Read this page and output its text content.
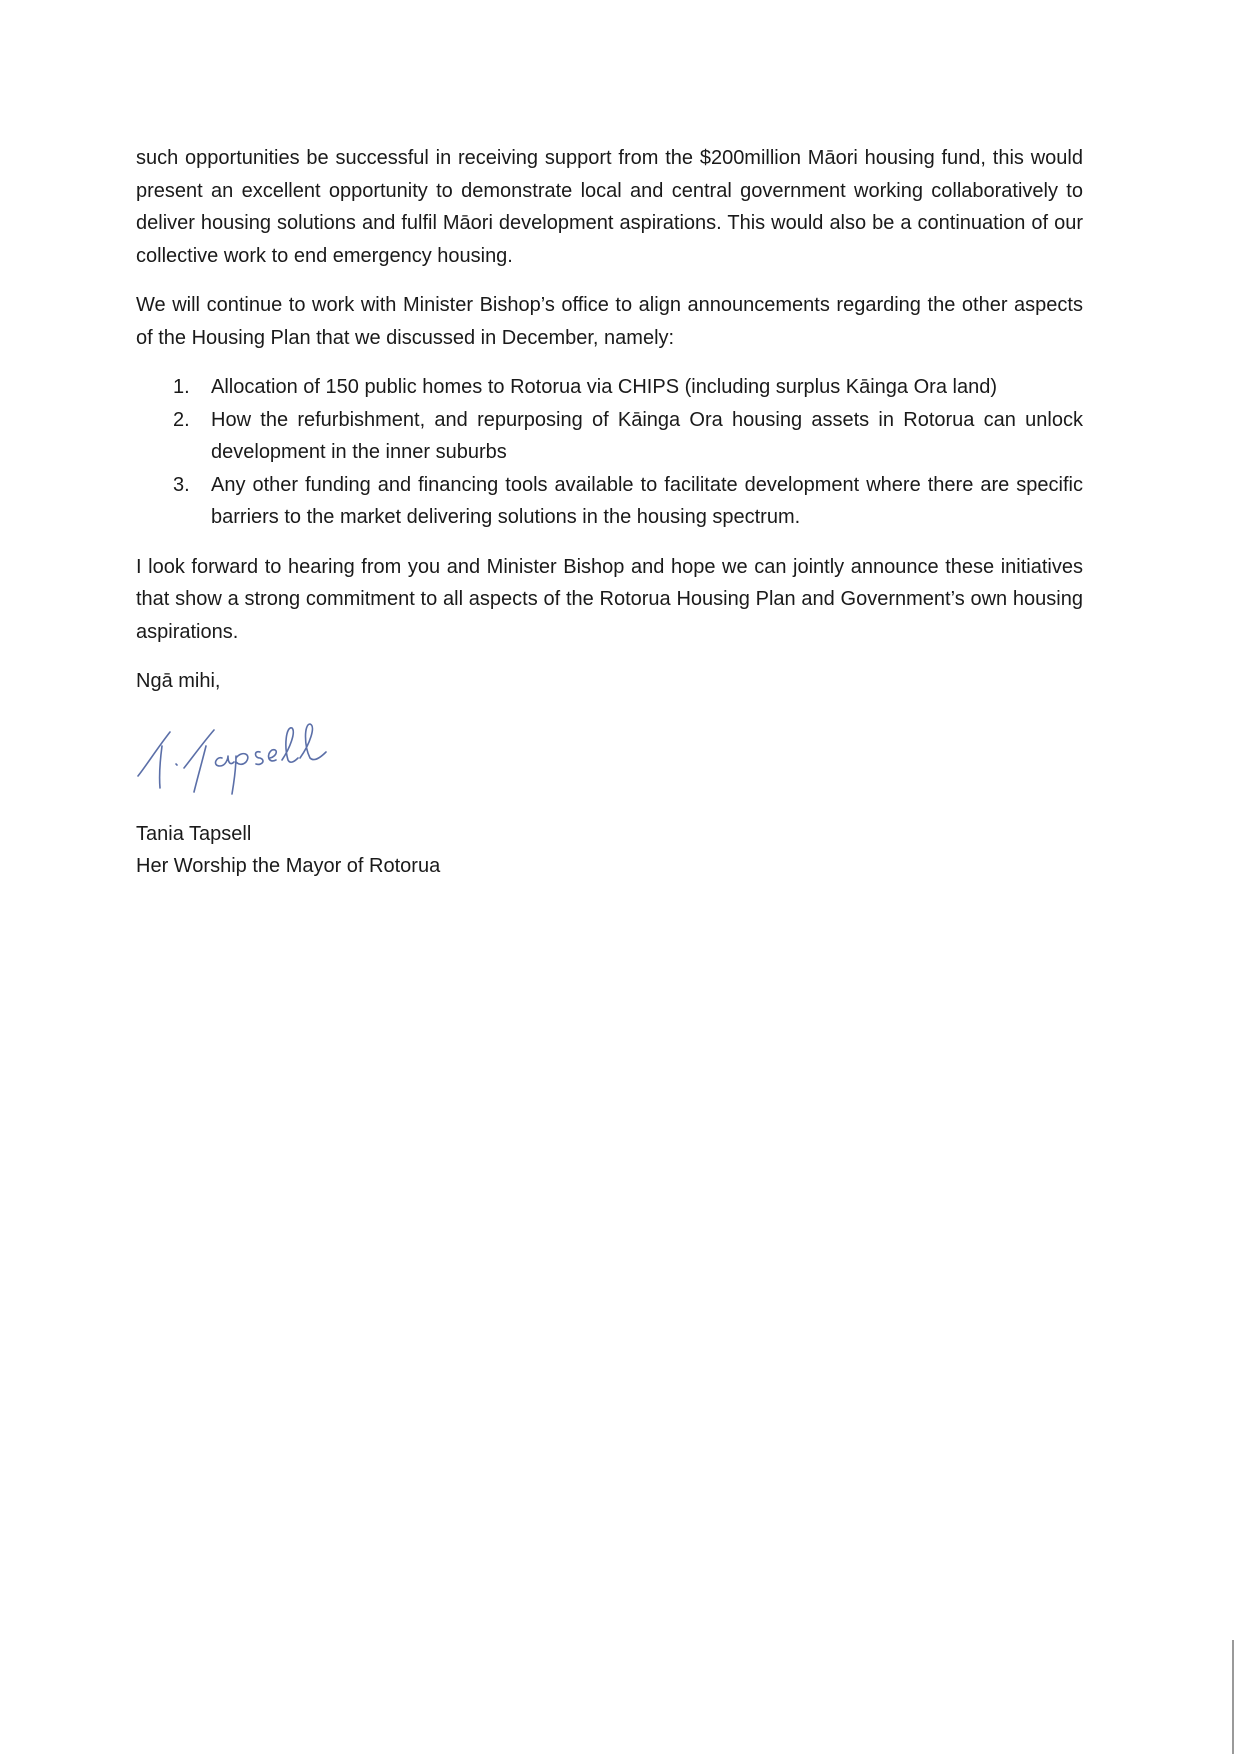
such opportunities be successful in receiving support from the $200million Māori housing fund, this would present an excellent opportunity to demonstrate local and central government working collaboratively to deliver housing solutions and fulfil Māori development aspirations. This would also be a continuation of our collective work to end emergency housing.

We will continue to work with Minister Bishop’s office to align announcements regarding the other aspects of the Housing Plan that we discussed in December, namely:

1. Allocation of 150 public homes to Rotorua via CHIPS (including surplus Kāinga Ora land)
2. How the refurbishment, and repurposing of Kāinga Ora housing assets in Rotorua can unlock development in the inner suburbs
3. Any other funding and financing tools available to facilitate development where there are specific barriers to the market delivering solutions in the housing spectrum.

I look forward to hearing from you and Minister Bishop and hope we can jointly announce these initiatives that show a strong commitment to all aspects of the Rotorua Housing Plan and Government’s own housing aspirations.

Ngā mihi,

Tania Tapsell

Her Worship the Mayor of Rotorua
